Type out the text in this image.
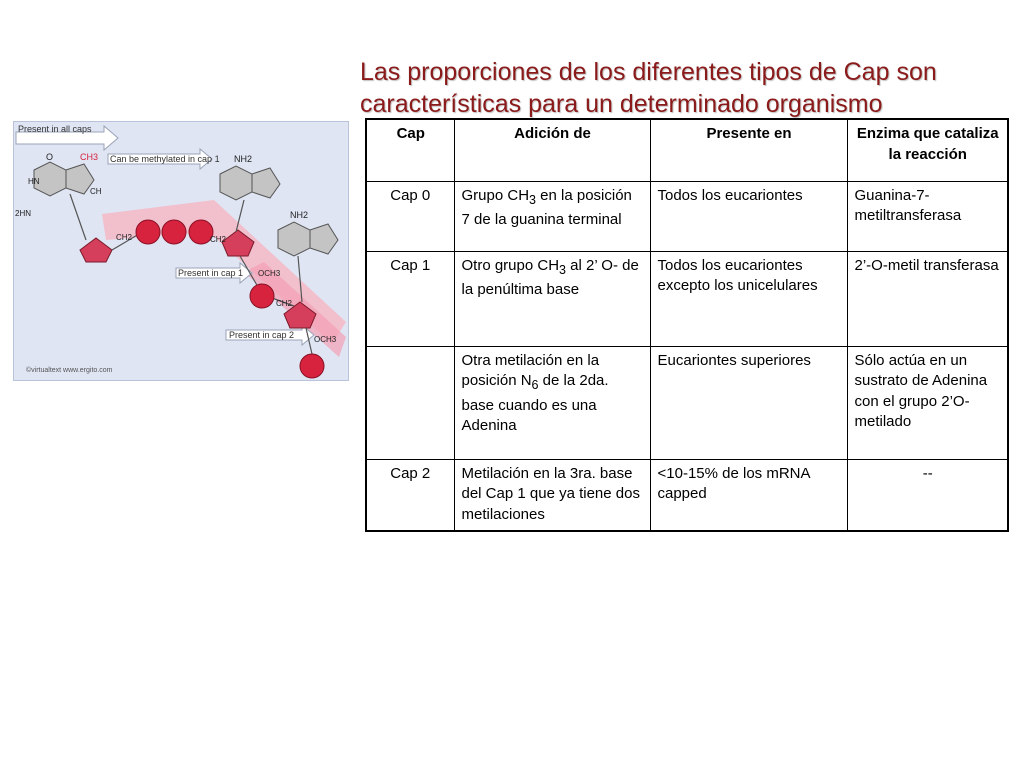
Las proporciones de los diferentes tipos de Cap son
características para un determinado organismo
Present in all caps
Can be methylated in cap 1
Present in cap 1
Present in cap 2
CH3
O
HN
2HN
CH
NH2
NH2
CH2	CH2
CH2
OCH3
OCH3
©virtualtext www.ergito.com
Cap	Adición de	Presente en	Enzima que cataliza la reacción
Cap 0	Grupo $CH_3$ en la posición 7 de la guanina terminal	Todos los eucariontes	Guanina-7-metiltransferasa
Cap 1	Otro grupo $CH_3$ al 2’ O- de la penúltima base	Todos los eucariontes excepto los unicelulares	2’-O-metil transferasa
	Otra metilación en la posición $N_6$ de la 2da. base cuando es una Adenina	Eucariontes superiores	Sólo actúa en un sustrato de Adenina con el grupo 2’O-metilado
Cap 2	Metilación en la 3ra. base del Cap 1 que ya tiene dos metilaciones	<10-15% de los mRNA capped	--
